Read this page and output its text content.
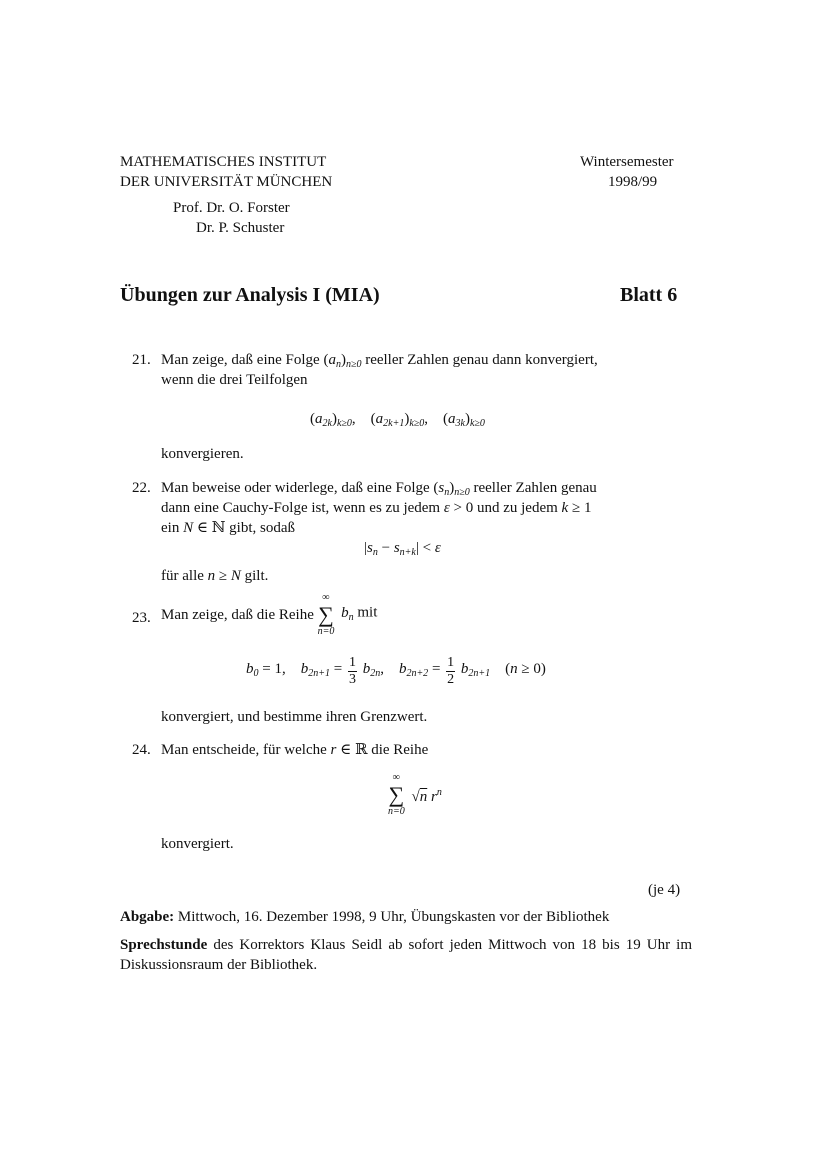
MATHEMATISCHES INSTITUT
DER UNIVERSITÄT MÜNCHEN
Prof. Dr. O. Forster
Dr. P. Schuster
Wintersemester
1998/99
Übungen zur Analysis I (MIA)	Blatt 6
21. Man zeige, daß eine Folge $(a_n)_{n\ge 0}$ reeller Zahlen genau dann konvergiert,
wenn die drei Teilfolgen
$(a_{2k})_{k\ge 0}$,    $(a_{2k+1})_{k\ge 0}$,    $(a_{3k})_{k\ge 0}$
konvergieren.
22. Man beweise oder widerlege, daß eine Folge $(s_n)_{n\ge 0}$ reeller Zahlen genau
dann eine Cauchy-Folge ist, wenn es zu jedem ε > 0 und zu jedem k ≥ 1
ein N ∈ ℕ gibt, sodaß
$|s_n - s_{n+k}| < \varepsilon$
für alle n ≥ N gilt.
23. Man zeige, daß die Reihe
∞
∑
n=0
$b_n$ mit
$b_0 = 1$,    $b_{2n+1} = \frac{1}{3} b_{2n}$,    $b_{2n+2} = \frac{1}{2} b_{2n+1}$    (n ≥ 0)
konvergiert, und bestimme ihren Grenzwert.
24. Man entscheide, für welche r ∈ ℝ die Reihe
∞
∑
n=0
√n $r^n$
konvergiert.
(je 4)
Abgabe: Mittwoch, 16. Dezember 1998, 9 Uhr, Übungskasten vor der Bibliothek
Sprechstunde des Korrektors Klaus Seidl ab sofort jeden Mittwoch von 18 bis 19 Uhr im Diskussionsraum der Bibliothek.
